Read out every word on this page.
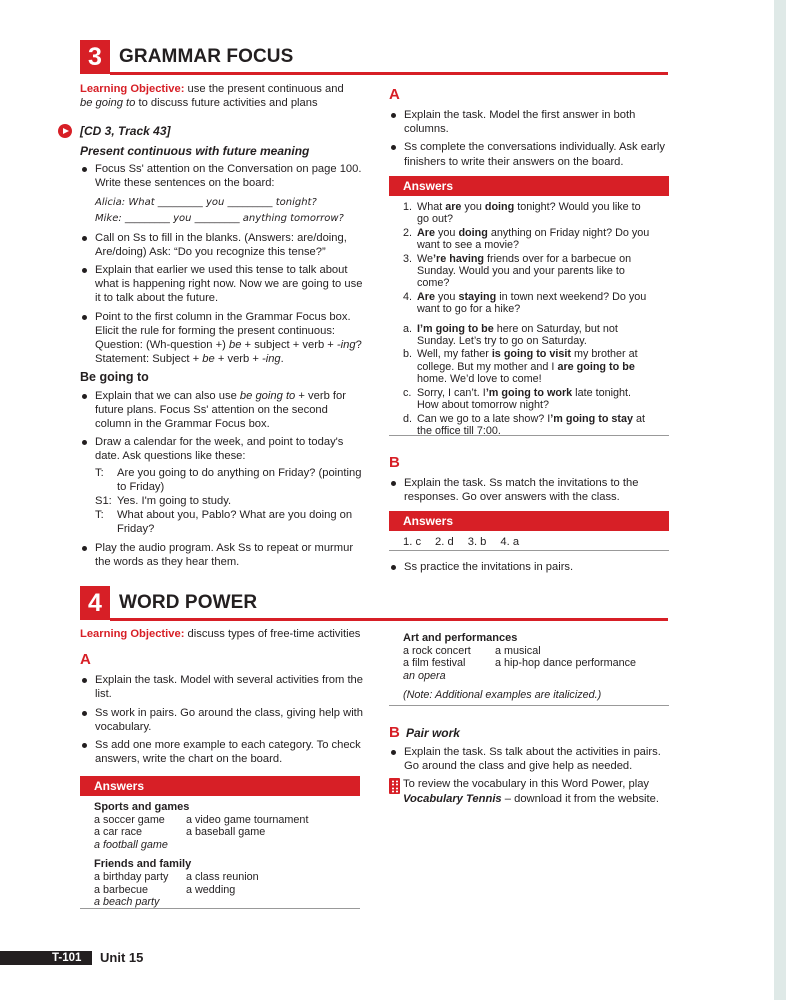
3 GRAMMAR FOCUS
Learning Objective: use the present continuous and
be going to to discuss future activities and plans
[CD 3, Track 43]
Present continuous with future meaning
Focus Ss' attention on the Conversation on page 100. Write these sentences on the board:
Alicia: What _________ you _________ tonight?
Mike: _________ you _________ anything tomorrow?
Call on Ss to fill in the blanks. (Answers: are/doing, Are/doing) Ask: “Do you recognize this tense?”
Explain that earlier we used this tense to talk about what is happening right now. Now we are going to use it to talk about the future.
Point to the first column in the Grammar Focus box. Elicit the rule for forming the present continuous: Question: (Wh-question +) be + subject + verb + -ing? Statement: Subject + be + verb + -ing.
Be going to
Explain that we can also use be going to + verb for future plans. Focus Ss' attention on the second column in the Grammar Focus box.
Draw a calendar for the week, and point to today's date. Ask questions like these:
T:	Are you going to do anything on Friday? (pointing to Friday)
S1: Yes. I'm going to study.
T:	What about you, Pablo? What are you doing on Friday?
Play the audio program. Ask Ss to repeat or murmur the words as they hear them.
A
Explain the task. Model the first answer in both columns.
Ss complete the conversations individually. Ask early finishers to write their answers on the board.
Answers
1. What are you doing tonight? Would you like to go out?
2. Are you doing anything on Friday night? Do you want to see a movie?
3. We’re having friends over for a barbecue on Sunday. Would you and your parents like to come?
4. Are you staying in town next weekend? Do you want to go for a hike?
a. I’m going to be here on Saturday, but not Sunday. Let’s try to go on Saturday.
b. Well, my father is going to visit my brother at college. But my mother and I are going to be home. We’d love to come!
c. Sorry, I can’t. I’m going to work late tonight. How about tomorrow night?
d. Can we go to a late show? I’m going to stay at the office till 7:00.
B
Explain the task. Ss match the invitations to the responses. Go over answers with the class.
Answers
1. c 2. d 3. b 4. a
Ss practice the invitations in pairs.
4 WORD POWER
Learning Objective: discuss types of free-time activities
A
Explain the task. Model with several activities from the list.
Ss work in pairs. Go around the class, giving help with vocabulary.
Ss add one more example to each category. To check answers, write the chart on the board.
Answers
Sports and games
a soccer game	a video game tournament
a car race	a baseball game
a football game
Friends and family
a birthday party	a class reunion
a barbecue	a wedding
a beach party
Art and performances
a rock concert	a musical
a film festival	a hip-hop dance performance
an opera
(Note: Additional examples are italicized.)
B Pair work
Explain the task. Ss talk about the activities in pairs. Go around the class and give help as needed.
To review the vocabulary in this Word Power, play
Vocabulary Tennis – download it from the website.
T-101 Unit 15
